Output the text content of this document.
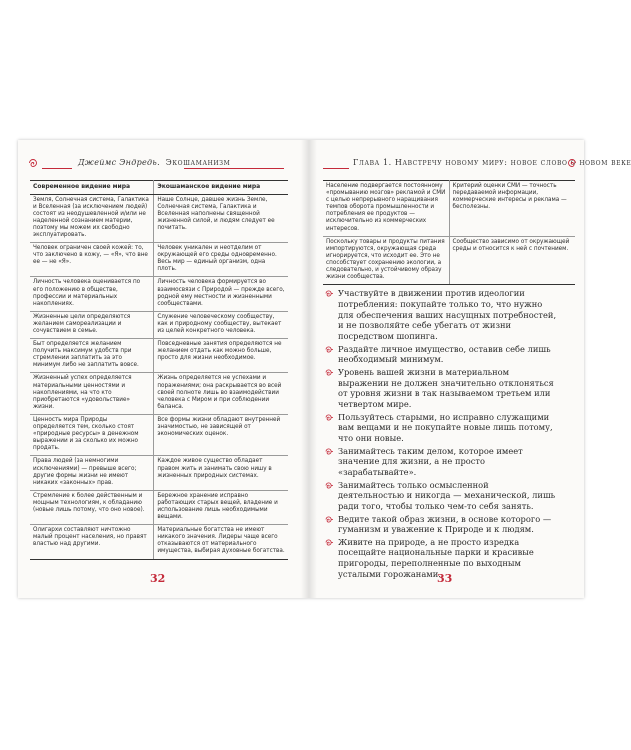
Джеймс Эндредь. Экошаманизм
Современное видение мира	Экошаманское видение мира
Земля, Солнечная система, Галактика и Вселенная (за исключением людей) состоят из неодушевленной и/или не наделенной сознанием материи, поэтому мы можем их свободно эксплуатировать.	Наше Солнце, давшее жизнь Земле, Солнечная система, Галактика и Вселенная наполнены священной жизненной силой, и людям следует ее почитать.
Человек ограничен своей кожей: то, что заключено в кожу, — «Я», что вне ее — не «Я».	Человек уникален и неотделим от окружающей его среды одновременно. Весь мир — единый организм, одна плоть.
Личность человека оценивается по его положению в обществе, профессии и материальных накоплениях.	Личность человека формируется во взаимосвязи с Природой — прежде всего, родной ему местности и жизненными сообществами.
Жизненные цели определяются желанием самореализации и сочувствием в семье.	Служение человеческому сообществу, как и природному сообществу, вытекает из целей конкретного человека.
Быт определяется желанием получить максимум удобств при стремлении заплатить за это минимум либо не заплатить вовсе.	Повседневные занятия определяются не желанием отдать как можно больше, просто для жизни необходимое.
Жизненный успех определяется материальными ценностями и накоплениями, на что кто приобретаются «удовольствие» жизни.	Жизнь определяется не успехами и поражениями; она раскрывается во всей своей полноте лишь во взаимодействии человека с Миром и при соблюдении баланса.
Ценность мира Природы определяется тем, сколько стоят «природные ресурсы» в денежном выражении и за сколько их можно продать.	Все формы жизни обладают внутренней значимостью, не зависящей от экономических оценок.
Права людей (за немногими исключениями) — превыше всего; другие формы жизни не имеют никаких «законных» прав.	Каждое живое существо обладает правом жить и занимать свою нишу в жизненных природных системах.
Стремление к более действенным и мощным технологиям, к обладанию (новые лишь потому, что оно новое).	Бережное хранение исправно работающих старых вещей, владение и использование лишь необходимыми вещами.
Олигархи составляют ничтожно малый процент населения, но правят властью над другими.	Материальные богатства не имеют никакого значения. Лидеры чаще всего отказываются от материального имущества, выбирая духовные богатства.
32
Глава 1. Навстречу новому миру: новое слово о новом веке
Население подвергается постоянному «промыванию мозгов» рекламой и СМИ с целью непрерывного наращивания темпов оборота промышленности и потребления ее продуктов — исключительно из коммерческих интересов.	Критерий оценки СМИ — точность передаваемой информации, коммерческие интересы и реклама — бесполезны.
Поскольку товары и продукты питания импортируются, окружающая среда игнорируется, что исходит ее. Это не способствует сохранению экологии, а следовательно, и устойчивому образу жизни сообщества.	Сообщество зависимо от окружающей среды и относится к ней с почтением.
Участвуйте в движении против идеологии потребления: покупайте только то, что нужно для обеспечения ваших насущных потребностей, и не позволяйте себе убегать от жизни посредством шопинга.
Раздайте личное имущество, оставив себе лишь необходимый минимум.
Уровень вашей жизни в материальном выражении не должен значительно отклоняться от уровня жизни в так называемом третьем или четвертом мире.
Пользуйтесь старыми, но исправно служащими вам вещами и не покупайте новые лишь потому, что они новые.
Занимайтесь таким делом, которое имеет значение для жизни, а не просто «зарабатывайте».
Занимайтесь только осмысленной деятельностью и никогда — механической, лишь ради того, чтобы только чем-то себя занять.
Ведите такой образ жизни, в основе которого — гуманизм и уважение к Природе и к людям.
Живите на природе, а не просто изредка посещайте национальные парки и красивые пригороды, переполненные по выходным усталыми горожанами.
33
